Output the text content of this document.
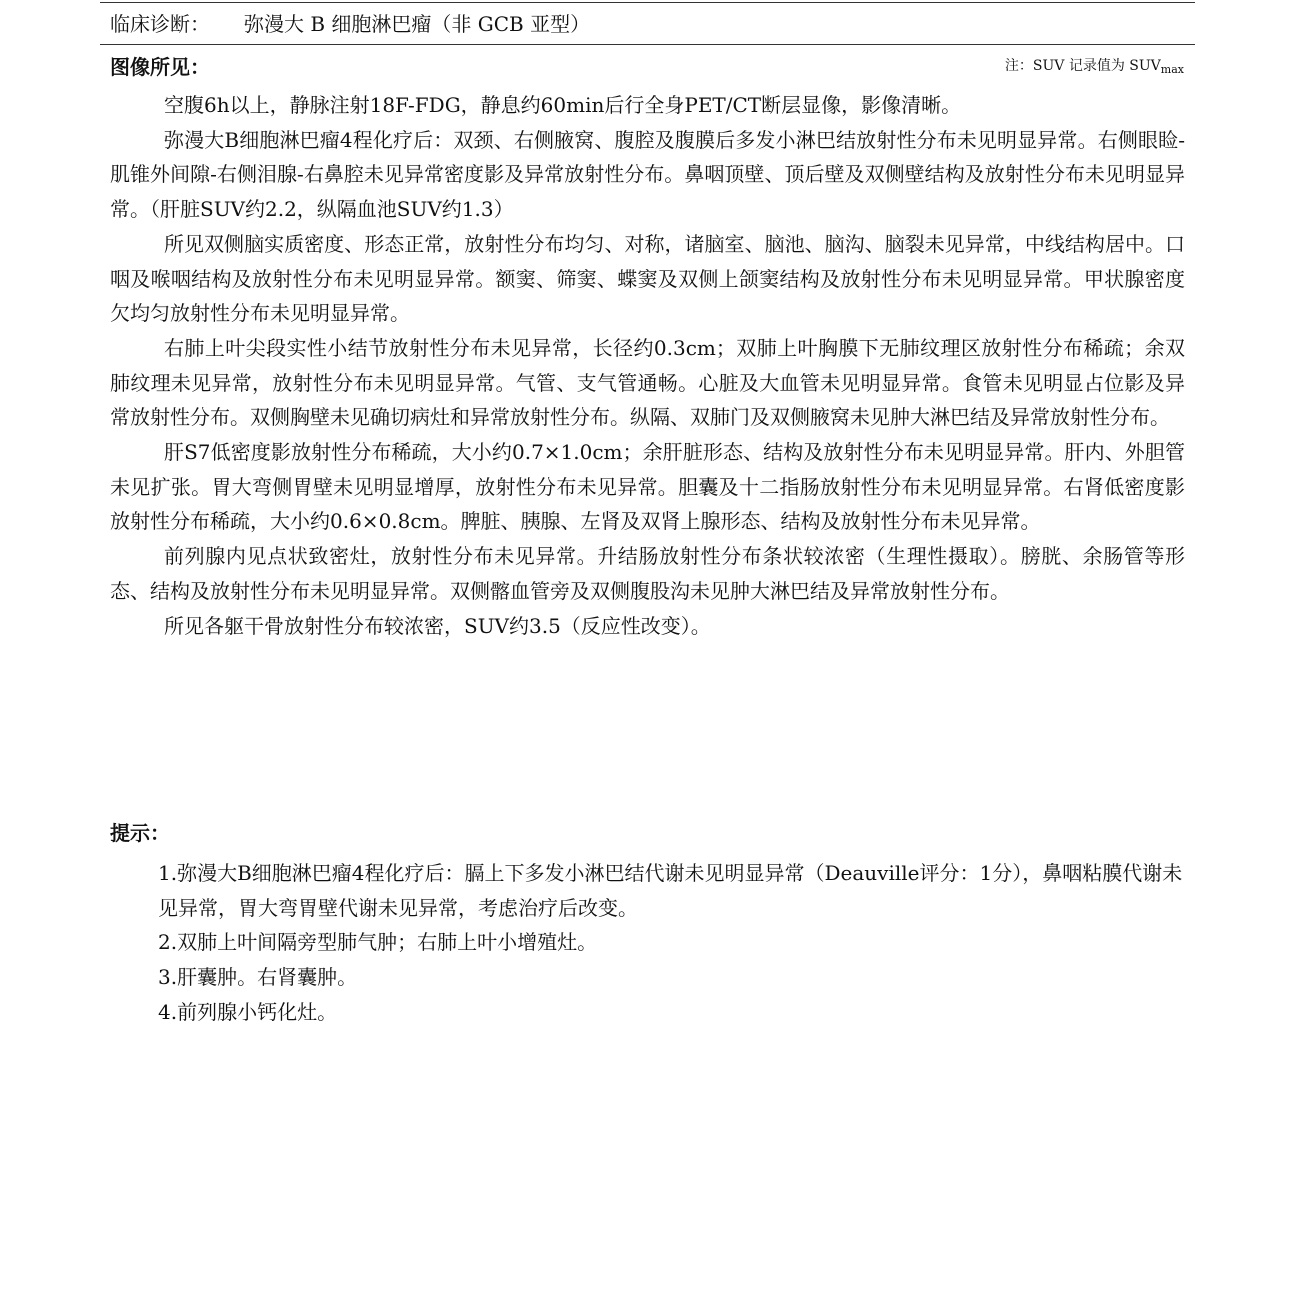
临床诊断： 弥漫大 B 细胞淋巴瘤（非 GCB 亚型）
图像所见：	注：SUV 记录值为 $SUV_{max}$

空腹6h以上，静脉注射18F-FDG，静息约60min后行全身PET/CT断层显像，影像清晰。

弥漫大B细胞淋巴瘤4程化疗后：双颈、右侧腋窝、腹腔及腹膜后多发小淋巴结放射性分布未见明显异常。右侧眼睑-肌锥外间隙-右侧泪腺-右鼻腔未见异常密度影及异常放射性分布。鼻咽顶壁、顶后壁及双侧壁结构及放射性分布未见明显异常。（肝脏SUV约2.2，纵隔血池SUV约1.3）

所见双侧脑实质密度、形态正常，放射性分布均匀、对称，诸脑室、脑池、脑沟、脑裂未见异常，中线结构居中。口咽及喉咽结构及放射性分布未见明显异常。额窦、筛窦、蝶窦及双侧上颌窦结构及放射性分布未见明显异常。甲状腺密度欠均匀放射性分布未见明显异常。

右肺上叶尖段实性小结节放射性分布未见异常，长径约0.3cm；双肺上叶胸膜下无肺纹理区放射性分布稀疏；余双肺纹理未见异常，放射性分布未见明显异常。气管、支气管通畅。心脏及大血管未见明显异常。食管未见明显占位影及异常放射性分布。双侧胸壁未见确切病灶和异常放射性分布。纵隔、双肺门及双侧腋窝未见肿大淋巴结及异常放射性分布。

肝S7低密度影放射性分布稀疏，大小约0.7×1.0cm；余肝脏形态、结构及放射性分布未见明显异常。肝内、外胆管未见扩张。胃大弯侧胃壁未见明显增厚，放射性分布未见异常。胆囊及十二指肠放射性分布未见明显异常。右肾低密度影放射性分布稀疏，大小约0.6×0.8cm。脾脏、胰腺、左肾及双肾上腺形态、结构及放射性分布未见异常。

前列腺内见点状致密灶，放射性分布未见异常。升结肠放射性分布条状较浓密（生理性摄取）。膀胱、余肠管等形态、结构及放射性分布未见明显异常。双侧髂血管旁及双侧腹股沟未见肿大淋巴结及异常放射性分布。

所见各躯干骨放射性分布较浓密，SUV约3.5（反应性改变）。

提示：

1.弥漫大B细胞淋巴瘤4程化疗后：膈上下多发小淋巴结代谢未见明显异常（Deauville评分：1分），鼻咽粘膜代谢未见异常，胃大弯胃壁代谢未见异常，考虑治疗后改变。

2.双肺上叶间隔旁型肺气肿；右肺上叶小增殖灶。

3.肝囊肿。右肾囊肿。

4.前列腺小钙化灶。
